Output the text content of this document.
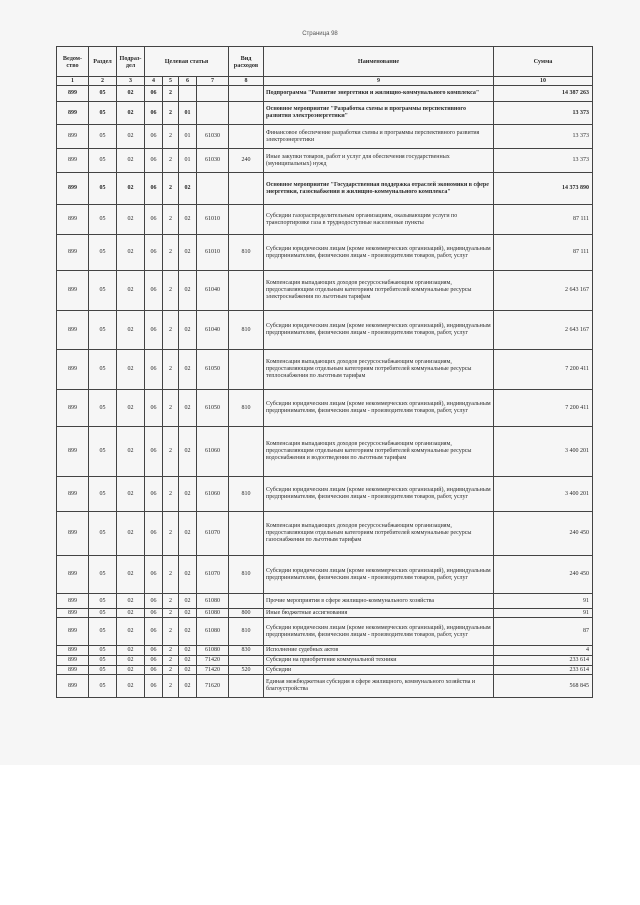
Страница 98
Ведом-ство	Раздел	Подраз-дел	Целевая статья				Вид расходов	Наименование	Сумма
1	2	3	4	5	6	7	8	9	10
899	05	02	06	2				Подпрограмма "Развитие энергетики и жилищно-коммунального комплекса"	14 387 263
899	05	02	06	2	01			Основное мероприятие "Разработка схемы и программы перспективного развития электроэнергетики"	13 373
899	05	02	06	2	01	61030		Финансовое обеспечение разработки схемы и программы перспективного развития электроэнергетики	13 373
899	05	02	06	2	01	61030	240	Иные закупки товаров, работ и услуг для обеспечения государственных (муниципальных) нужд	13 373
899	05	02	06	2	02			Основное мероприятие "Государственная поддержка отраслей экономики в сфере энергетики, газоснабжения и жилищно-коммунального комплекса"	14 373 890
899	05	02	06	2	02	61010		Субсидии газораспределительным организациям, оказывающим услуги по транспортировке газа в труднодоступные населенные пункты	87 111
899	05	02	06	2	02	61010	810	Субсидии юридическим лицам (кроме некоммерческих организаций), индивидуальным предпринимателям, физическим лицам - производителям товаров, работ, услуг	87 111
899	05	02	06	2	02	61040		Компенсация выпадающих доходов ресурсоснабжающим организациям, предоставляющим отдельным категориям потребителей коммунальные ресурсы электроснабжения по льготным тарифам	2 643 167
899	05	02	06	2	02	61040	810	Субсидии юридическим лицам (кроме некоммерческих организаций), индивидуальным предпринимателям, физическим лицам - производителям товаров, работ, услуг	2 643 167
899	05	02	06	2	02	61050		Компенсация выпадающих доходов ресурсоснабжающим организациям, предоставляющим отдельным категориям потребителей коммунальные ресурсы теплоснабжения по льготным тарифам	7 200 411
899	05	02	06	2	02	61050	810	Субсидии юридическим лицам (кроме некоммерческих организаций), индивидуальным предпринимателям, физическим лицам - производителям товаров, работ, услуг	7 200 411
899	05	02	06	2	02	61060		Компенсация выпадающих доходов ресурсоснабжающим организациям, предоставляющим отдельным категориям потребителей коммунальные ресурсы водоснабжения и водоотведения по льготным тарифам	3 400 201
899	05	02	06	2	02	61060	810	Субсидии юридическим лицам (кроме некоммерческих организаций), индивидуальным предпринимателям, физическим лицам - производителям товаров, работ, услуг	3 400 201
899	05	02	06	2	02	61070		Компенсация выпадающих доходов ресурсоснабжающим организациям, предоставляющим отдельным категориям потребителей коммунальные ресурсы газоснабжения по льготным тарифам	240 450
899	05	02	06	2	02	61070	810	Субсидии юридическим лицам (кроме некоммерческих организаций), индивидуальным предпринимателям, физическим лицам - производителям товаров, работ, услуг	240 450
899	05	02	06	2	02	61080		Прочие мероприятия в сфере жилищно-коммунального хозяйства	91
899	05	02	06	2	02	61080	800	Иные бюджетные ассигнования	91
899	05	02	06	2	02	61080	810	Субсидии юридическим лицам (кроме некоммерческих организаций), индивидуальным предпринимателям, физическим лицам - производителям товаров, работ, услуг	87
899	05	02	06	2	02	61080	830	Исполнение судебных актов	4
899	05	02	06	2	02	71420		Субсидии на приобретение коммунальной техники	233 614
899	05	02	06	2	02	71420	520	Субсидии	233 614
899	05	02	06	2	02	71620		Единая межбюджетная субсидия в сфере жилищного, коммунального хозяйства и благоустройства	568 845
